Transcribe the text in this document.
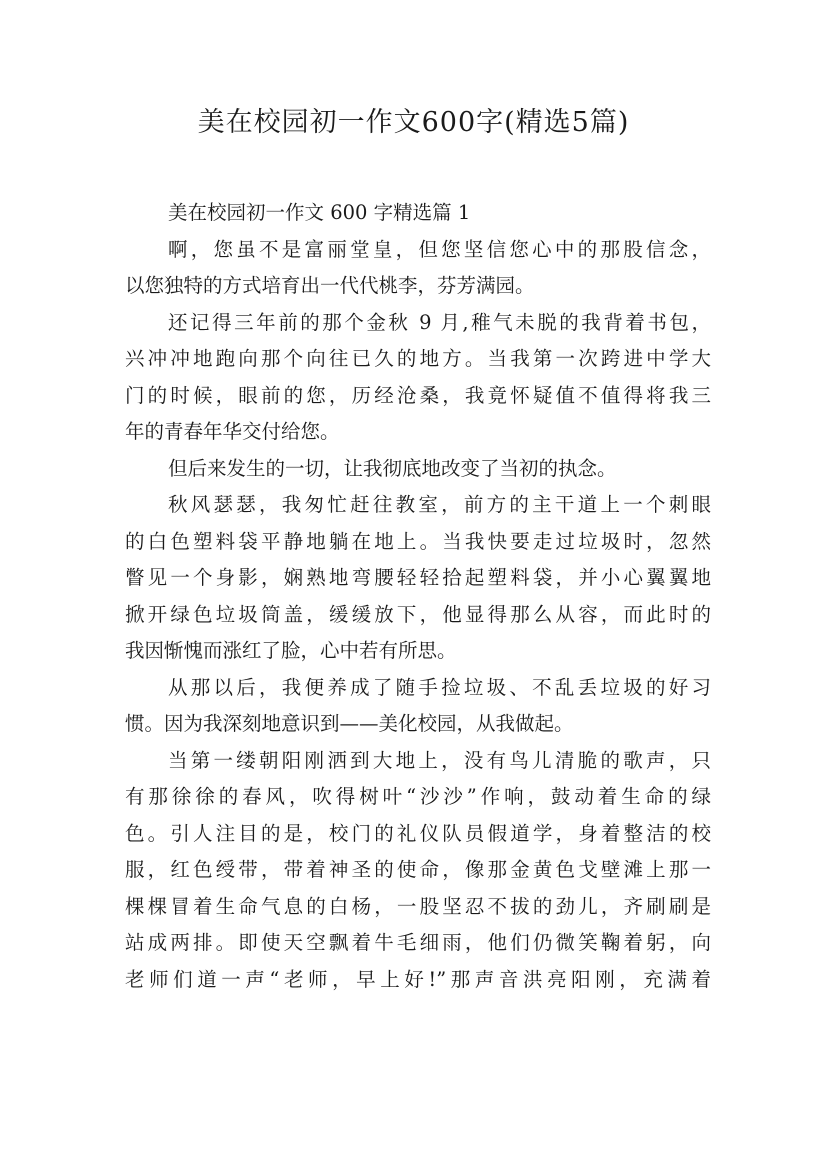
美在校园初一作文600字(精选5篇)
美在校园初一作文 600 字精选篇 1
啊，您虽不是富丽堂皇，但您坚信您心中的那股信念，
以您独特的方式培育出一代代桃李，芬芳满园。
还记得三年前的那个金秋 9 月,稚气未脱的我背着书包，
兴冲冲地跑向那个向往已久的地方。当我第一次跨进中学大
门的时候，眼前的您，历经沧桑，我竟怀疑值不值得将我三
年的青春年华交付给您。
但后来发生的一切，让我彻底地改变了当初的执念。
秋风瑟瑟，我匆忙赶往教室，前方的主干道上一个刺眼
的白色塑料袋平静地躺在地上。当我快要走过垃圾时，忽然
瞥见一个身影，娴熟地弯腰轻轻拾起塑料袋，并小心翼翼地
掀开绿色垃圾筒盖，缓缓放下，他显得那么从容，而此时的
我因惭愧而涨红了脸，心中若有所思。
从那以后，我便养成了随手捡垃圾、不乱丢垃圾的好习
惯。因为我深刻地意识到——美化校园，从我做起。
当第一缕朝阳刚洒到大地上，没有鸟儿清脆的歌声，只
有那徐徐的春风，吹得树叶“沙沙”作响，鼓动着生命的绿
色。引人注目的是，校门的礼仪队员假道学，身着整洁的校
服，红色绶带，带着神圣的使命，像那金黄色戈壁滩上那一
棵棵冒着生命气息的白杨，一股坚忍不拔的劲儿，齐刷刷是
站成两排。即使天空飘着牛毛细雨，他们仍微笑鞠着躬，向
老师们道一声“老师，早上好!”那声音洪亮阳刚，充满着
